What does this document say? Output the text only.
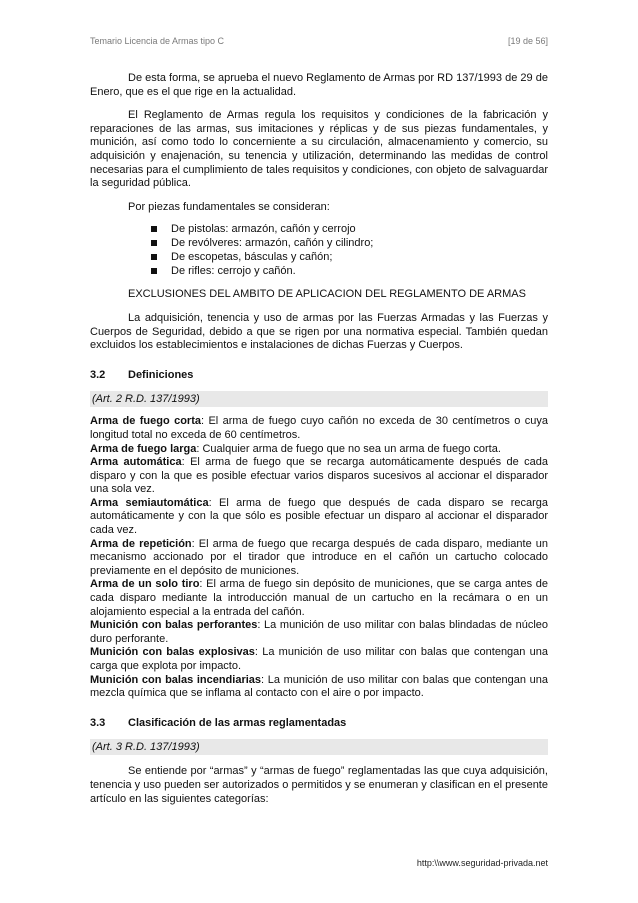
Temario Licencia de Armas tipo C	[19 de 56]

De esta forma, se aprueba el nuevo Reglamento de Armas por RD 137/1993 de 29 de Enero, que es el que rige en la actualidad.

El Reglamento de Armas regula los requisitos y condiciones de la fabricación y reparaciones de las armas, sus imitaciones y réplicas y de sus piezas fundamentales, y munición, así como todo lo concerniente a su circulación, almacenamiento y comercio, su adquisición y enajenación, su tenencia y utilización, determinando las medidas de control necesarias para el cumplimiento de tales requisitos y condiciones, con objeto de salvaguardar la seguridad pública.

Por piezas fundamentales se consideran:

De pistolas: armazón, cañón y cerrojo
De revólveres: armazón, cañón y cilindro;
De escopetas, básculas y cañón;
De rifles: cerrojo y cañón.

EXCLUSIONES DEL AMBITO DE APLICACION DEL REGLAMENTO DE ARMAS

La adquisición, tenencia y uso de armas por las Fuerzas Armadas y las Fuerzas y Cuerpos de Seguridad, debido a que se rigen por una normativa especial. También quedan excluidos los establecimientos e instalaciones de dichas Fuerzas y Cuerpos.

3.2 Definiciones
(Art. 2 R.D. 137/1993)

Arma de fuego corta: El arma de fuego cuyo cañón no exceda de 30 centímetros o cuya longitud total no exceda de 60 centímetros.

Arma de fuego larga: Cualquier arma de fuego que no sea un arma de fuego corta.

Arma automática: El arma de fuego que se recarga automáticamente después de cada disparo y con la que es posible efectuar varios disparos sucesivos al accionar el disparador una sola vez.

Arma semiautomática: El arma de fuego que después de cada disparo se recarga automáticamente y con la que sólo es posible efectuar un disparo al accionar el disparador cada vez.

Arma de repetición: El arma de fuego que recarga después de cada disparo, mediante un mecanismo accionado por el tirador que introduce en el cañón un cartucho colocado previamente en el depósito de municiones.

Arma de un solo tiro: El arma de fuego sin depósito de municiones, que se carga antes de cada disparo mediante la introducción manual de un cartucho en la recámara o en un alojamiento especial a la entrada del cañón.

Munición con balas perforantes: La munición de uso militar con balas blindadas de núcleo duro perforante.

Munición con balas explosivas: La munición de uso militar con balas que contengan una carga que explota por impacto.

Munición con balas incendiarias: La munición de uso militar con balas que contengan una mezcla química que se inflama al contacto con el aire o por impacto.

3.3 Clasificación de las armas reglamentadas
(Art. 3 R.D. 137/1993)

Se entiende por “armas” y “armas de fuego” reglamentadas las que cuya adquisición, tenencia y uso pueden ser autorizados o permitidos y se enumeran y clasifican en el presente artículo en las siguientes categorías:

http:\\www.seguridad-privada.net
